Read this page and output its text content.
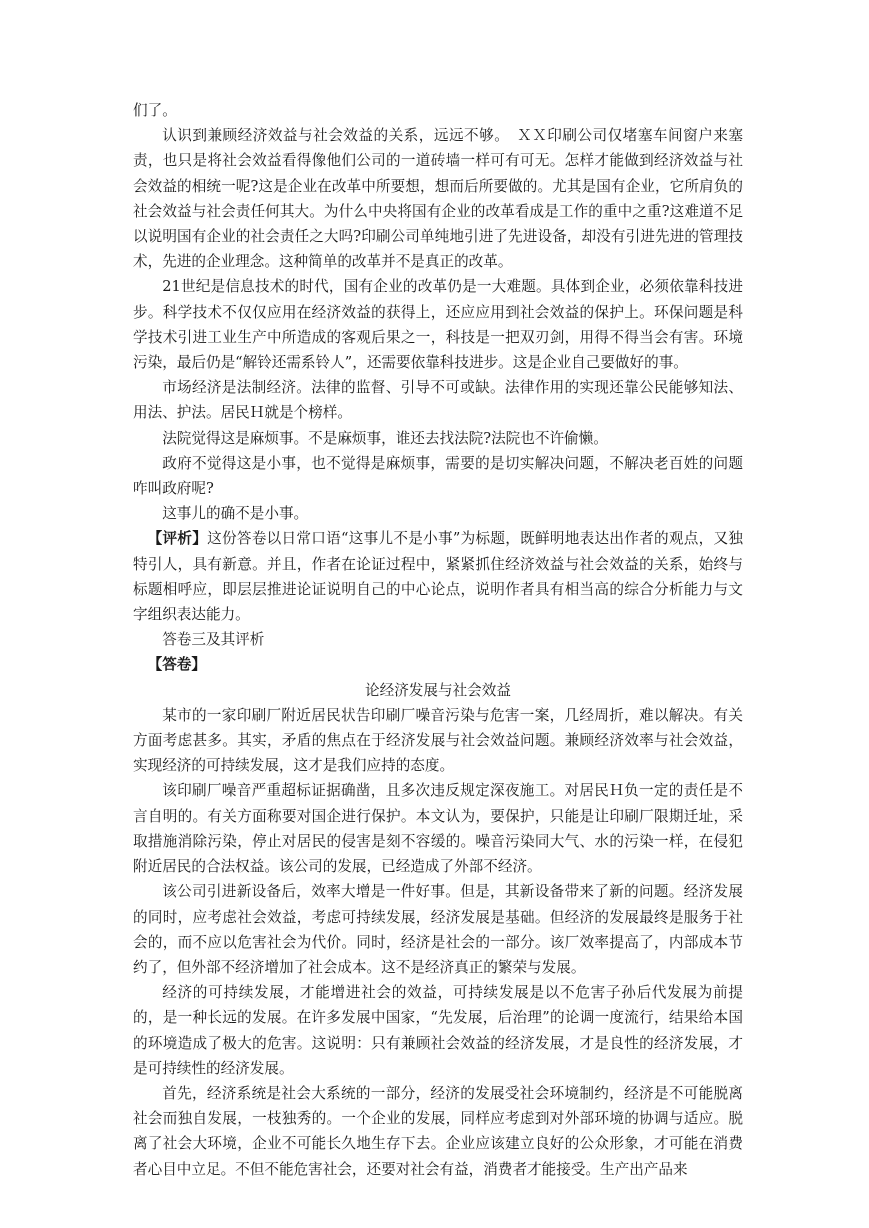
们了。

认识到兼顾经济效益与社会效益的关系，远远不够。　ＸＸ印刷公司仅堵塞车间窗户来塞责，也只是将社会效益看得像他们公司的一道砖墙一样可有可无。怎样才能做到经济效益与社会效益的相统一呢?这是企业在改革中所要想，想而后所要做的。尤其是国有企业，它所肩负的社会效益与社会责任何其大。为什么中央将国有企业的改革看成是工作的重中之重?这难道不足以说明国有企业的社会责任之大吗?印刷公司单纯地引进了先进设备，却没有引进先进的管理技术，先进的企业理念。这种简单的改革并不是真正的改革。

21世纪是信息技术的时代，国有企业的改革仍是一大难题。具体到企业，必须依靠科技进步。科学技术不仅仅应用在经济效益的获得上，还应应用到社会效益的保护上。环保问题是科学技术引进工业生产中所造成的客观后果之一，科技是一把双刃剑，用得不得当会有害。环境污染，最后仍是“解铃还需系铃人”，还需要依靠科技进步。这是企业自己要做好的事。

市场经济是法制经济。法律的监督、引导不可或缺。法律作用的实现还靠公民能够知法、用法、护法。居民Ｈ就是个榜样。

法院觉得这是麻烦事。不是麻烦事，谁还去找法院?法院也不许偷懒。

政府不觉得这是小事，也不觉得是麻烦事，需要的是切实解决问题，不解决老百姓的问题咋叫政府呢?

这事儿的确不是小事。

【评析】这份答卷以日常口语“这事儿不是小事”为标题，既鲜明地表达出作者的观点，又独特引人，具有新意。并且，作者在论证过程中，紧紧抓住经济效益与社会效益的关系，始终与标题相呼应，即层层推进论证说明自己的中心论点，说明作者具有相当高的综合分析能力与文字组织表达能力。

答卷三及其评析

【答卷】

论经济发展与社会效益

某市的一家印刷厂附近居民状告印刷厂噪音污染与危害一案，几经周折，难以解决。有关方面考虑甚多。其实，矛盾的焦点在于经济发展与社会效益问题。兼顾经济效率与社会效益，实现经济的可持续发展，这才是我们应持的态度。

该印刷厂噪音严重超标证据确凿，且多次违反规定深夜施工。对居民Ｈ负一定的责任是不言自明的。有关方面称要对国企进行保护。本文认为，要保护，只能是让印刷厂限期迁址，采取措施消除污染，停止对居民的侵害是刻不容缓的。噪音污染同大气、水的污染一样，在侵犯附近居民的合法权益。该公司的发展，已经造成了外部不经济。

该公司引进新设备后，效率大增是一件好事。但是，其新设备带来了新的问题。经济发展的同时，应考虑社会效益，考虑可持续发展，经济发展是基础。但经济的发展最终是服务于社会的，而不应以危害社会为代价。同时，经济是社会的一部分。该厂效率提高了，内部成本节约了，但外部不经济增加了社会成本。这不是经济真正的繁荣与发展。

经济的可持续发展，才能增进社会的效益，可持续发展是以不危害子孙后代发展为前提的，是一种长远的发展。在许多发展中国家，“先发展，后治理”的论调一度流行，结果给本国的环境造成了极大的危害。这说明：只有兼顾社会效益的经济发展，才是良性的经济发展，才是可持续性的经济发展。

首先，经济系统是社会大系统的一部分，经济的发展受社会环境制约，经济是不可能脱离社会而独自发展，一枝独秀的。一个企业的发展，同样应考虑到对外部环境的协调与适应。脱离了社会大环境，企业不可能长久地生存下去。企业应该建立良好的公众形象，才可能在消费者心目中立足。不但不能危害社会，还要对社会有益，消费者才能接受。生产出产品来
